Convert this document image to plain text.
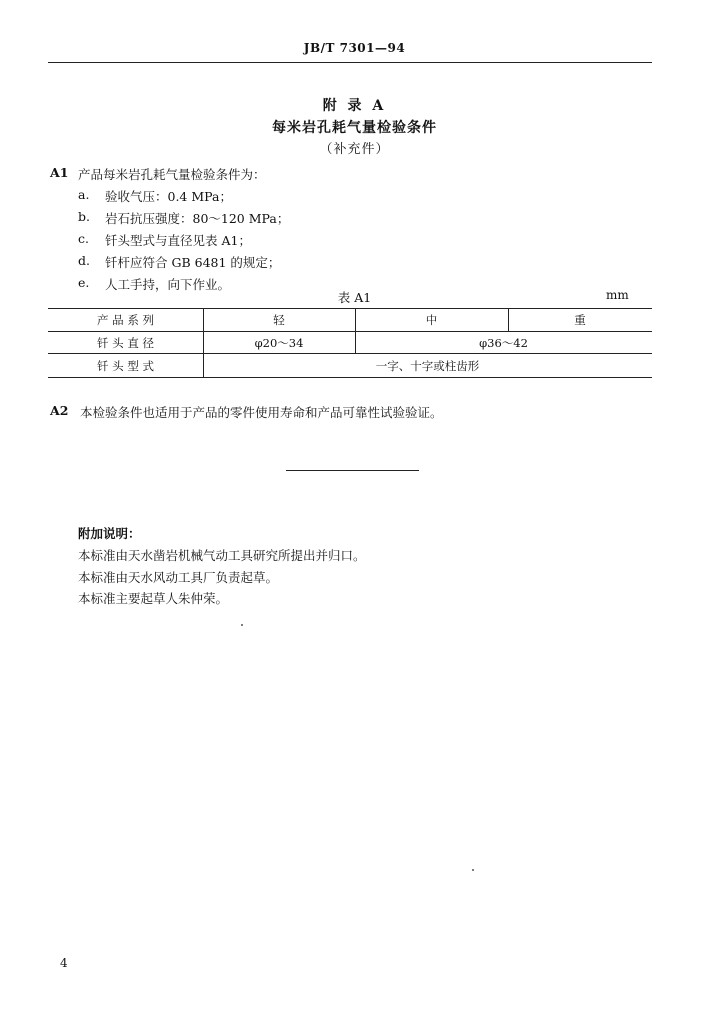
JB/T 7301—94
附 录 A
每米岩孔耗气量检验条件
（补充件）
A1 产品每米岩孔耗气量检验条件为：
a. 验收气压：0.4 MPa；
b. 岩石抗压强度：80～120 MPa；
c. 钎头型式与直径见表 A1；
d. 钎杆应符合 GB 6481 的规定；
e. 人工手持，向下作业。
表 A1	mm
产 品 系 列	轻	中	重
钎 头 直 径	φ20～34	φ36～42
钎 头 型 式	一字、十字或柱齿形
A2 本检验条件也适用于产品的零件使用寿命和产品可靠性试验验证。
附加说明：
本标准由天水凿岩机械气动工具研究所提出并归口。
本标准由天水风动工具厂负责起草。
本标准主要起草人朱仲荣。
4
